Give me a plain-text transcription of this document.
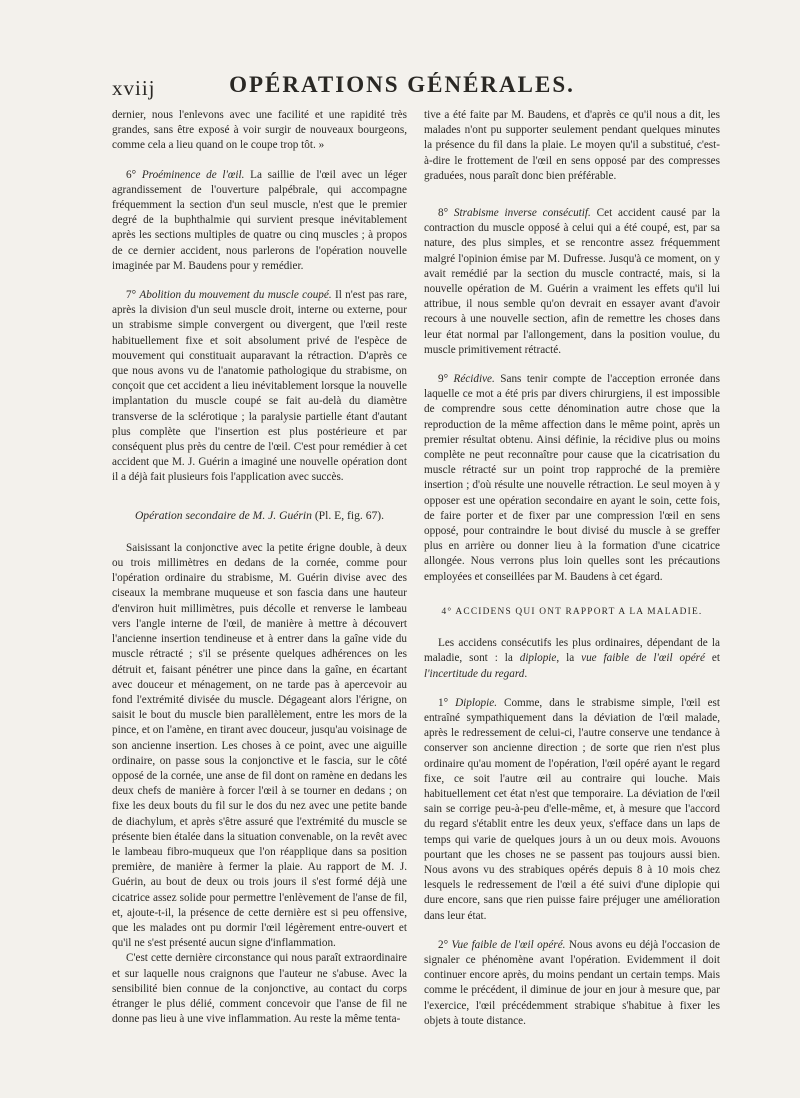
xviij	OPÉRATIONS GÉNÉRALES.

dernier, nous l'enlevons avec une facilité et une rapidité très grandes, sans être exposé à voir surgir de nouveaux bourgeons, comme cela a lieu quand on le coupe trop tôt. »

6° Proéminence de l'œil. La saillie de l'œil avec un léger agrandissement de l'ouverture palpébrale, qui accompagne fréquemment la section d'un seul muscle, n'est que le premier degré de la buphthalmie qui survient presque inévitablement après les sections multiples de quatre ou cinq muscles ; à propos de ce dernier accident, nous parlerons de l'opération nouvelle imaginée par M. Baudens pour y remédier.

7° Abolition du mouvement du muscle coupé. Il n'est pas rare, après la division d'un seul muscle droit, interne ou externe, pour un strabisme simple convergent ou divergent, que l'œil reste habituellement fixe et soit absolument privé de l'espèce de mouvement qui constituait auparavant la rétraction. D'après ce que nous avons vu de l'anatomie pathologique du strabisme, on conçoit que cet accident a lieu inévitablement lorsque la nouvelle implantation du muscle coupé se fait au-delà du diamètre transverse de la sclérotique ; la paralysie partielle étant d'autant plus complète que l'insertion est plus postérieure et par conséquent plus près du centre de l'œil. C'est pour remédier à cet accident que M. J. Guérin a imaginé une nouvelle opération dont il a déjà fait plusieurs fois l'application avec succès.

Opération secondaire de M. J. Guérin (Pl. E, fig. 67).

Saisissant la conjonctive avec la petite érigne double, à deux ou trois millimètres en dedans de la cornée, comme pour l'opération ordinaire du strabisme, M. Guérin divise avec des ciseaux la membrane muqueuse et son fascia dans une hauteur d'environ huit millimètres, puis décolle et renverse le lambeau vers l'angle interne de l'œil, de manière à mettre à découvert l'ancienne insertion tendineuse et à entrer dans la gaîne vide du muscle rétracté ; s'il se présente quelques adhérences on les détruit et, faisant pénétrer une pince dans la gaîne, en écartant avec douceur et ménagement, on ne tarde pas à apercevoir au fond l'extrémité divisée du muscle. Dégageant alors l'érigne, on saisit le bout du muscle bien parallèlement, entre les mors de la pince, et on l'amène, en tirant avec douceur, jusqu'au voisinage de son ancienne insertion. Les choses à ce point, avec une aiguille ordinaire, on passe sous la conjonctive et le fascia, sur le côté opposé de la cornée, une anse de fil dont on ramène en dedans les deux chefs de manière à forcer l'œil à se tourner en dedans ; on fixe les deux bouts du fil sur le dos du nez avec une petite bande de diachylum, et après s'être assuré que l'extrémité du muscle se présente bien étalée dans la situation convenable, on la revêt avec le lambeau fibro-muqueux que l'on réapplique dans sa position première, de manière à fermer la plaie. Au rapport de M. J. Guérin, au bout de deux ou trois jours il s'est formé déjà une cicatrice assez solide pour permettre l'enlèvement de l'anse de fil, et, ajoute-t-il, la présence de cette dernière est si peu offensive, que les malades ont pu dormir l'œil légèrement entre-ouvert et qu'il ne s'est présenté aucun signe d'inflammation.

C'est cette dernière circonstance qui nous paraît extraordinaire et sur laquelle nous craignons que l'auteur ne s'abuse. Avec la sensibilité bien connue de la conjonctive, au contact du corps étranger le plus délié, comment concevoir que l'anse de fil ne donne pas lieu à une vive inflammation. Au reste la même tenta-

tive a été faite par M. Baudens, et d'après ce qu'il nous a dit, les malades n'ont pu supporter seulement pendant quelques minutes la présence du fil dans la plaie. Le moyen qu'il a substitué, c'est-à-dire le frottement de l'œil en sens opposé par des compresses graduées, nous paraît donc bien préférable.

8° Strabisme inverse consécutif. Cet accident causé par la contraction du muscle opposé à celui qui a été coupé, est, par sa nature, des plus simples, et se rencontre assez fréquemment malgré l'opinion émise par M. Dufresse. Jusqu'à ce moment, on y avait remédié par la section du muscle contracté, mais, si la nouvelle opération de M. Guérin a vraiment les effets qu'il lui attribue, il nous semble qu'on devrait en essayer avant d'avoir recours à une nouvelle section, afin de remettre les choses dans leur état normal par l'allongement, dans la position voulue, du muscle primitivement rétracté.

9° Récidive. Sans tenir compte de l'acception erronée dans laquelle ce mot a été pris par divers chirurgiens, il est impossible de comprendre sous cette dénomination autre chose que la reproduction de la même affection dans le même point, après un premier résultat obtenu. Ainsi définie, la récidive plus ou moins complète ne peut reconnaître pour cause que la cicatrisation du muscle rétracté sur un point trop rapproché de la première insertion ; d'où résulte une nouvelle rétraction. Le seul moyen à y opposer est une opération secondaire en ayant le soin, cette fois, de faire porter et de fixer par une compression l'œil en sens opposé, pour contraindre le bout divisé du muscle à se greffer plus en arrière ou donner lieu à la formation d'une cicatrice allongée. Nous verrons plus loin quelles sont les précautions employées et conseillées par M. Baudens à cet égard.

4° ACCIDENS QUI ONT RAPPORT A LA MALADIE.

Les accidens consécutifs les plus ordinaires, dépendant de la maladie, sont : la diplopie, la vue faible de l'œil opéré et l'incertitude du regard.

1° Diplopie. Comme, dans le strabisme simple, l'œil est entraîné sympathiquement dans la déviation de l'œil malade, après le redressement de celui-ci, l'autre conserve une tendance à conserver son ancienne direction ; de sorte que rien n'est plus ordinaire qu'au moment de l'opération, l'œil opéré ayant le regard fixe, ce soit l'autre œil au contraire qui louche. Mais habituellement cet état n'est que temporaire. La déviation de l'œil sain se corrige peu-à-peu d'elle-même, et, à mesure que l'accord du regard s'établit entre les deux yeux, s'efface dans un laps de temps qui varie de quelques jours à un ou deux mois. Avouons pourtant que les choses ne se passent pas toujours aussi bien. Nous avons vu des strabiques opérés depuis 8 à 10 mois chez lesquels le redressement de l'œil a été suivi d'une diplopie qui dure encore, sans que rien puisse faire préjuger une amélioration dans leur état.

2° Vue faible de l'œil opéré. Nous avons eu déjà l'occasion de signaler ce phénomène avant l'opération. Evidemment il doit continuer encore après, du moins pendant un certain temps. Mais comme le précédent, il diminue de jour en jour à mesure que, par l'exercice, l'œil précédemment strabique s'habitue à fixer les objets à toute distance.
